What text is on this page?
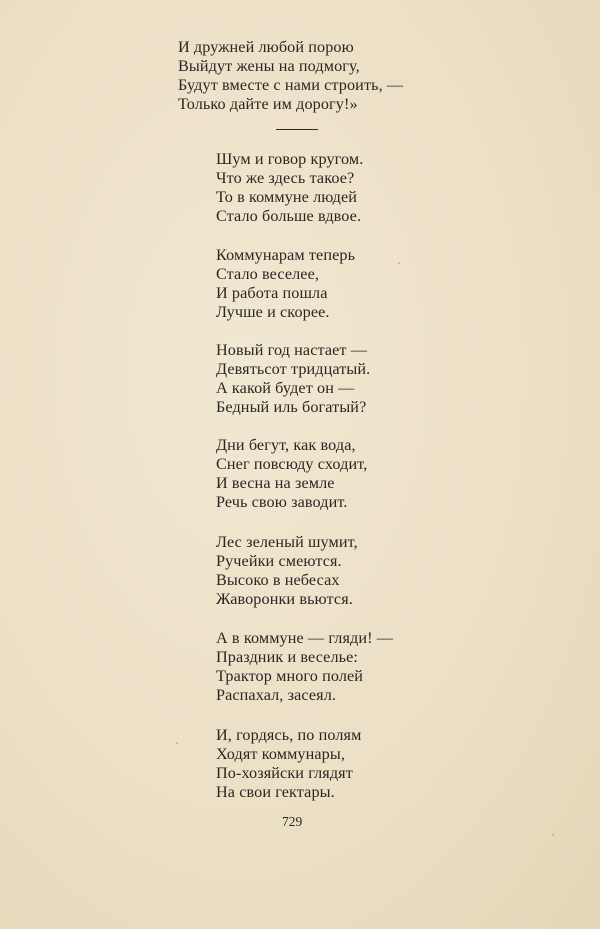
И дружней любой порою
Выйдут жены на подмогу,
Будут вместе с нами строить, —
Только дайте им дорогу!»
Шум и говор кругом.
Что же здесь такое?
То в коммуне людей
Стало больше вдвое.
Коммунарам теперь
Стало веселее,
И работа пошла
Лучше и скорее.
Новый год настает —
Девятьсот тридцатый.
А какой будет он —
Бедный иль богатый?
Дни бегут, как вода,
Снег повсюду сходит,
И весна на земле
Речь свою заводит.
Лес зеленый шумит,
Ручейки смеются.
Высоко в небесах
Жаворонки вьются.
А в коммуне — гляди! —
Праздник и веселье:
Трактор много полей
Распахал, засеял.
И, гордясь, по полям
Ходят коммунары,
По-хозяйски глядят
На свои гектары.
729
